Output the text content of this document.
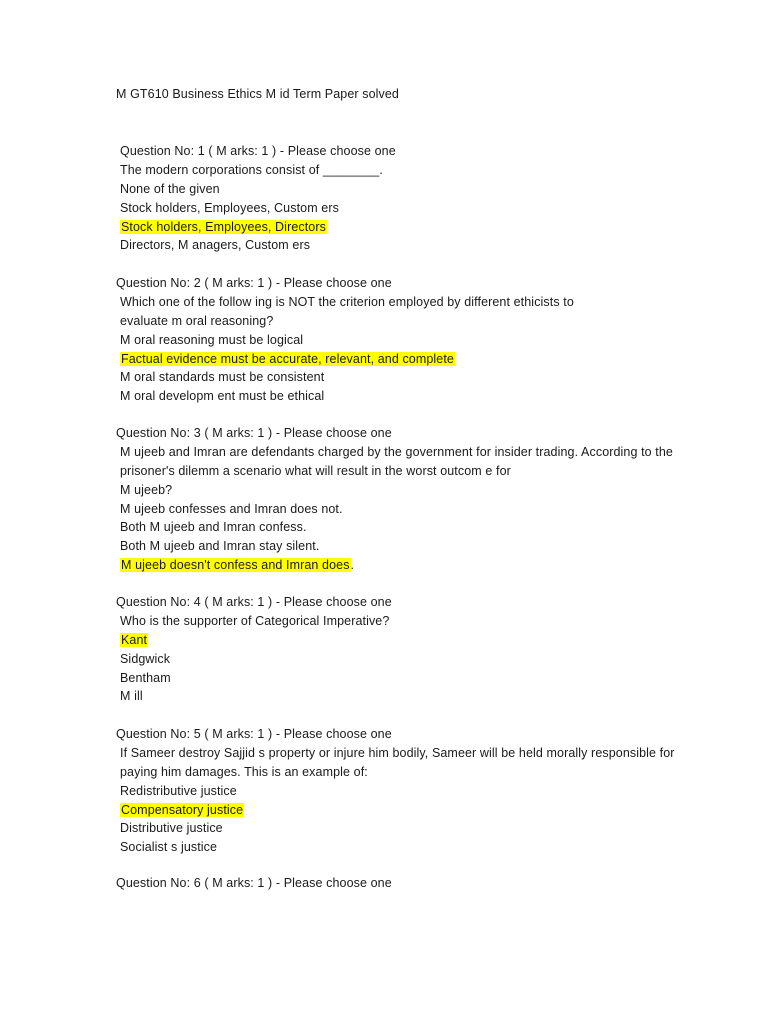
M GT610 Business Ethics M id Term Paper solved
Question No: 1 ( M arks: 1 ) - Please choose one
The modern corporations consist of ________.
None of the given
Stock holders, Employees, Custom ers
Stock holders, Employees, Directors
Directors, M anagers, Custom ers
Question No: 2 ( M arks: 1 ) - Please choose one
Which one of the follow ing is NOT the criterion employed by different ethicists to
evaluate m oral reasoning?
M oral reasoning must be logical
Factual evidence must be accurate, relevant, and complete
M oral standards must be consistent
M oral developm ent must be ethical
Question No: 3 ( M arks: 1 ) - Please choose one
M ujeeb and Imran are defendants charged by the government for insider trading. According to the
prisoner's dilemm a scenario what will result in the worst outcom e for
M ujeeb?
M ujeeb confesses and Imran does not.
Both M ujeeb and Imran confess.
Both M ujeeb and Imran stay silent.
M ujeeb doesn't confess and Imran does.
Question No: 4 ( M arks: 1 ) - Please choose one
Who is the supporter of Categorical Imperative?
Kant
Sidgwick
Bentham
M ill
Question No: 5 ( M arks: 1 ) - Please choose one
If Sameer destroy Sajjid s property or injure him bodily, Sameer will be held morally responsible for
paying him damages. This is an example of:
Redistributive justice
Compensatory justice
Distributive justice
Socialist s justice
Question No: 6 ( M arks: 1 ) - Please choose one
